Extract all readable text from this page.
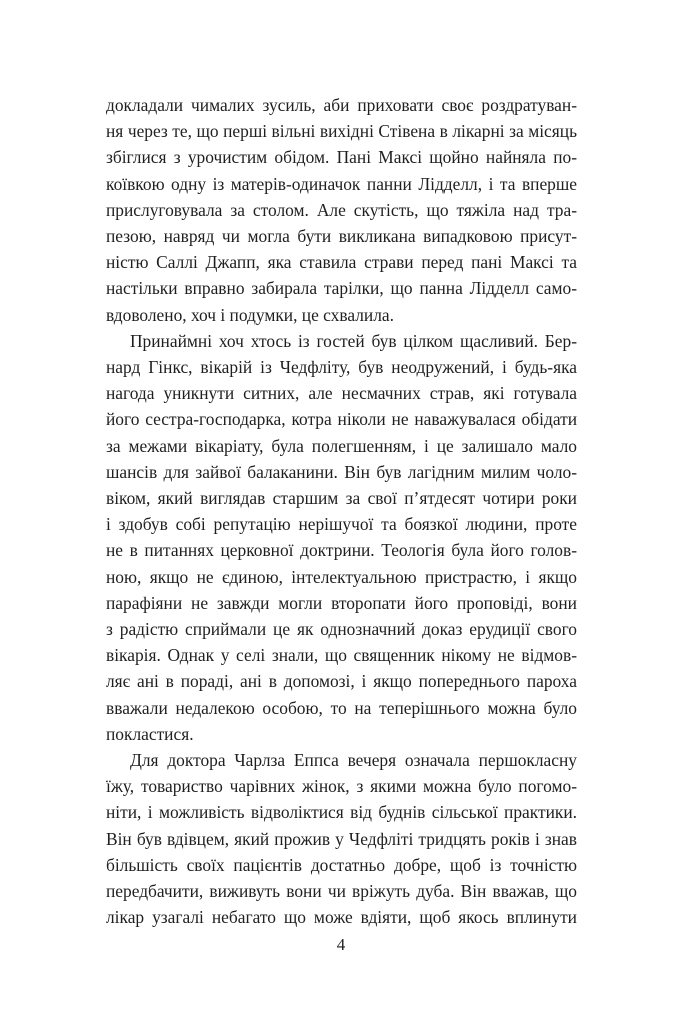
докладали чималих зусиль, аби приховати своє роздратуван-
ня через те, що перші вільні вихідні Стівена в лікарні за місяць
збіглися з урочистим обідом. Пані Максі щойно найняла по-
коївкою одну із матерів-одиначок панни Лідделл, і та вперше
прислуговувала за столом. Але скутість, що тяжіла над тра-
пезою, навряд чи могла бути викликана випадковою присут-
ністю Саллі Джапп, яка ставила страви перед пані Максі та
настільки вправно забирала тарілки, що панна Лідделл само-
вдоволено, хоч і подумки, це схвалила.
Принаймні хоч хтось із гостей був цілком щасливий. Бер-
нард Гінкс, вікарій із Чедфліту, був неодружений, і будь-яка
нагода уникнути ситних, але несмачних страв, які готувала
його сестра-господарка, котра ніколи не наважувалася обідати
за межами вікаріату, була полегшенням, і це залишало мало
шансів для зайвої балаканини. Він був лагідним милим чоло-
віком, який виглядав старшим за свої п’ятдесят чотири роки
і здобув собі репутацію нерішучої та боязкої людини, проте
не в питаннях церковної доктрини. Теологія була його голов-
ною, якщо не єдиною, інтелектуальною пристрастю, і якщо
парафіяни не завжди могли второпати його проповіді, вони
з радістю сприймали це як однозначний доказ ерудиції свого
вікарія. Однак у селі знали, що священник нікому не відмов-
ляє ані в пораді, ані в допомозі, і якщо попереднього пароха
вважали недалекою особою, то на теперішнього можна було
покластися.
Для доктора Чарлза Еппса вечеря означала першокласну
їжу, товариство чарівних жінок, з якими можна було погомо-
ніти, і можливість відволіктися від буднів сільської практики.
Він був вдівцем, який прожив у Чедфліті тридцять років і знав
більшість своїх пацієнтів достатньо добре, щоб із точністю
передбачити, виживуть вони чи вріжуть дуба. Він вважав, що
лікар узагалі небагато що може вдіяти, щоб якось вплинути
4
